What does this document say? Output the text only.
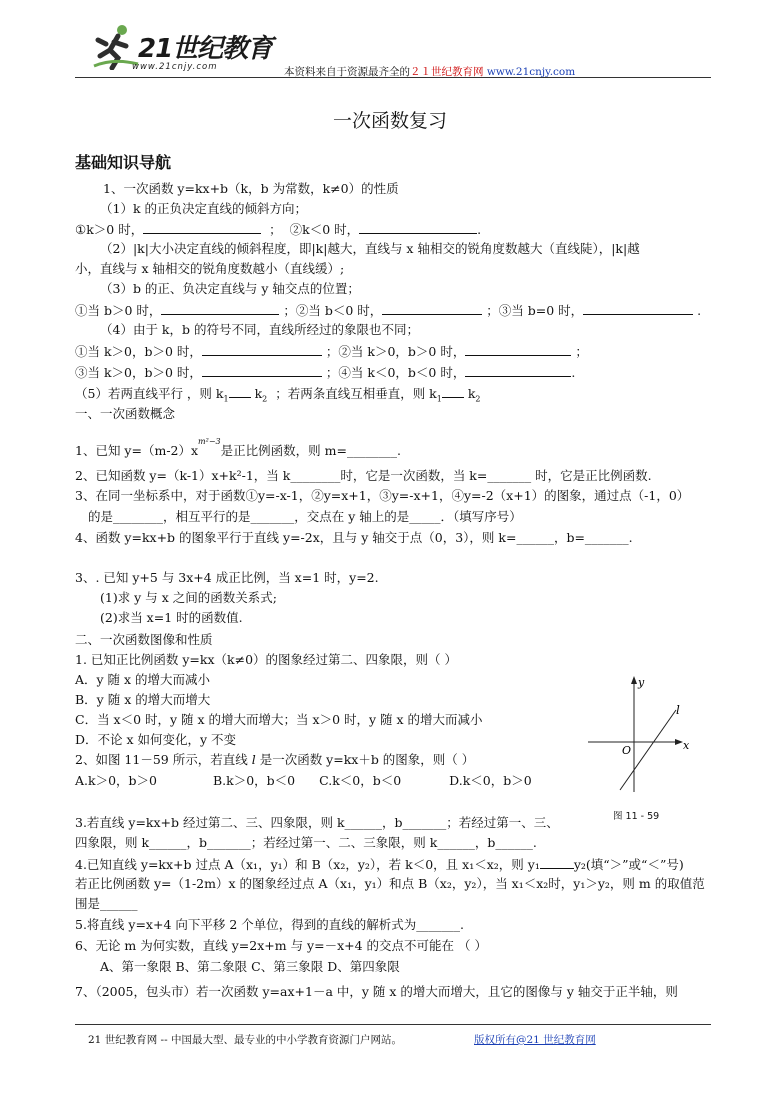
21世纪教育
www.21cnjy.com	本资料来自于资源最齐全的２１世纪教育网 www.21cnjy.com
一次函数复习
基础知识导航
1、一次函数 y=kx+b（k，b 为常数，k≠0）的性质
（1）k 的正负决定直线的倾斜方向；
①k＞0 时，	；  ②k＜0 时，	.
（2）|k|大小决定直线的倾斜程度，即|k|越大，直线与 x 轴相交的锐角度数越大（直线陡），|k|越
小，直线与 x 轴相交的锐角度数越小（直线缓）;
（3）b 的正、负决定直线与 y 轴交点的位置；
①当 b＞0 时，	；②当 b＜0 时，	；③当 b=0 时，	.
（4）由于 k，b 的符号不同，直线所经过的象限也不同；
①当 k＞0，b＞0 时，	；②当 k＞0，b＞0 时，	；
③当 k＞0，b＞0 时，	；④当 k＜0，b＜0 时，	.
（5）若两直线平行 ，则 $k_1$ $k_2$ ；若两条直线互相垂直，则 $k_1$ $k_2$
一、一次函数概念
1、已知 $y=(m-2)x^{m^2-3}$是正比例函数，则 m=________.
2、已知函数 y=（k-1）x+k²-1，当 k________时，它是一次函数，当 k=_______ 时，它是正比例函数.
3、在同一坐标系中，对于函数①y=-x-1，②y=x+1，③y=-x+1，④y=-2（x+1）的图象，通过点（-1，0）
的是________，相互平行的是_______，交点在 y 轴上的是_____．（填写序号）
4、函数 y=kx+b 的图象平行于直线 y=-2x，且与 y 轴交于点（0，3），则 k=______，b=_______.
3、. 已知 y+5 与 3x+4 成正比例，当 x=1 时，y=2.
(1)求 y 与 x 之间的函数关系式;
(2)求当 x=1 时的函数值.
二、一次函数图像和性质
1. 已知正比例函数 y=kx（k≠0）的图象经过第二、四象限，则（ ）
A．y 随 x 的增大而减小
B．y 随 x 的增大而增大
C．当 x＜0 时，y 随 x 的增大而增大；当 x＞0 时，y 随 x 的增大而减小
D．不论 x 如何变化，y 不变
2、如图 11－59 所示，若直线 l 是一次函数 y=kx＋b 的图象，则（ ）
A.k＞0，b＞0	B.k＞0，b＜0 C.k＜0，b＜0	D.k＜0，b＞0
y
x
O
l
图 11 - 59
3.若直线 y=kx+b 经过第二、三、四象限，则 k______，b_______；若经过第一、三、
四象限，则 k______，b_______；若经过第一、二、三象限，则 k______，b______.
4.已知直线 y=kx+b 过点 A（x₁，y₁）和 B（x₂，y₂），若 k＜0，且 x₁＜x₂，则 y₁	y₂(填“＞”或“＜”号)
若正比例函数 y=（1-2m）x 的图象经过点 A（x₁，y₁）和点 B（x₂，y₂），当 x₁＜x₂时，y₁＞y₂，则 m 的取值范
围是______
5.将直线 y=x+4 向下平移 2 个单位，得到的直线的解析式为_______.
6、无论 m 为何实数，直线 y=2x+m 与 y=－x+4 的交点不可能在 （ ）
A、第一象限 B、第二象限 C、第三象限 D、第四象限
7、（2005，包头市）若一次函数 y=ax+1－a 中，y 随 x 的增大而增大，且它的图像与 y 轴交于正半轴，则
21 世纪教育网 -- 中国最大型、最专业的中小学教育资源门户网站。	版权所有@21 世纪教育网
